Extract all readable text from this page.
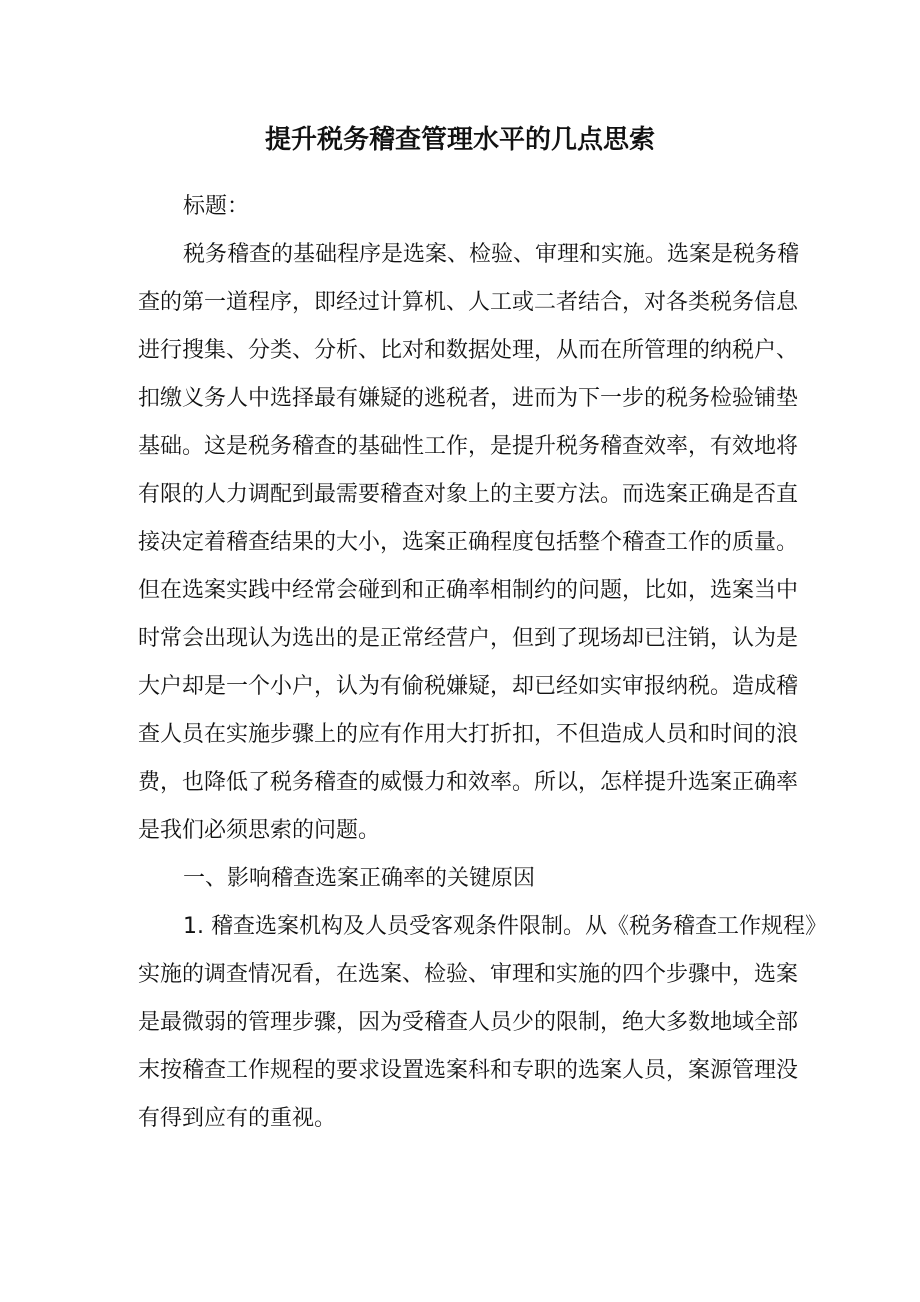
提升税务稽查管理水平的几点思索
标题：
税务稽查的基础程序是选案、检验、审理和实施。选案是税务稽
查的第一道程序，即经过计算机、人工或二者结合，对各类税务信息
进行搜集、分类、分析、比对和数据处理，从而在所管理的纳税户、
扣缴义务人中选择最有嫌疑的逃税者，进而为下一步的税务检验铺垫
基础。这是税务稽查的基础性工作，是提升税务稽查效率，有效地将
有限的人力调配到最需要稽查对象上的主要方法。而选案正确是否直
接决定着稽查结果的大小，选案正确程度包括整个稽查工作的质量。
但在选案实践中经常会碰到和正确率相制约的问题，比如，选案当中
时常会出现认为选出的是正常经营户，但到了现场却已注销，认为是
大户却是一个小户，认为有偷税嫌疑，却已经如实审报纳税。造成稽
查人员在实施步骤上的应有作用大打折扣，不但造成人员和时间的浪
费，也降低了税务稽查的威慑力和效率。所以，怎样提升选案正确率
是我们必须思索的问题。
一、影响稽查选案正确率的关键原因
1. 稽查选案机构及人员受客观条件限制。从《税务稽查工作规程》
实施的调查情况看，在选案、检验、审理和实施的四个步骤中，选案
是最微弱的管理步骤，因为受稽查人员少的限制，绝大多数地域全部
末按稽查工作规程的要求设置选案科和专职的选案人员，案源管理没
有得到应有的重视。
